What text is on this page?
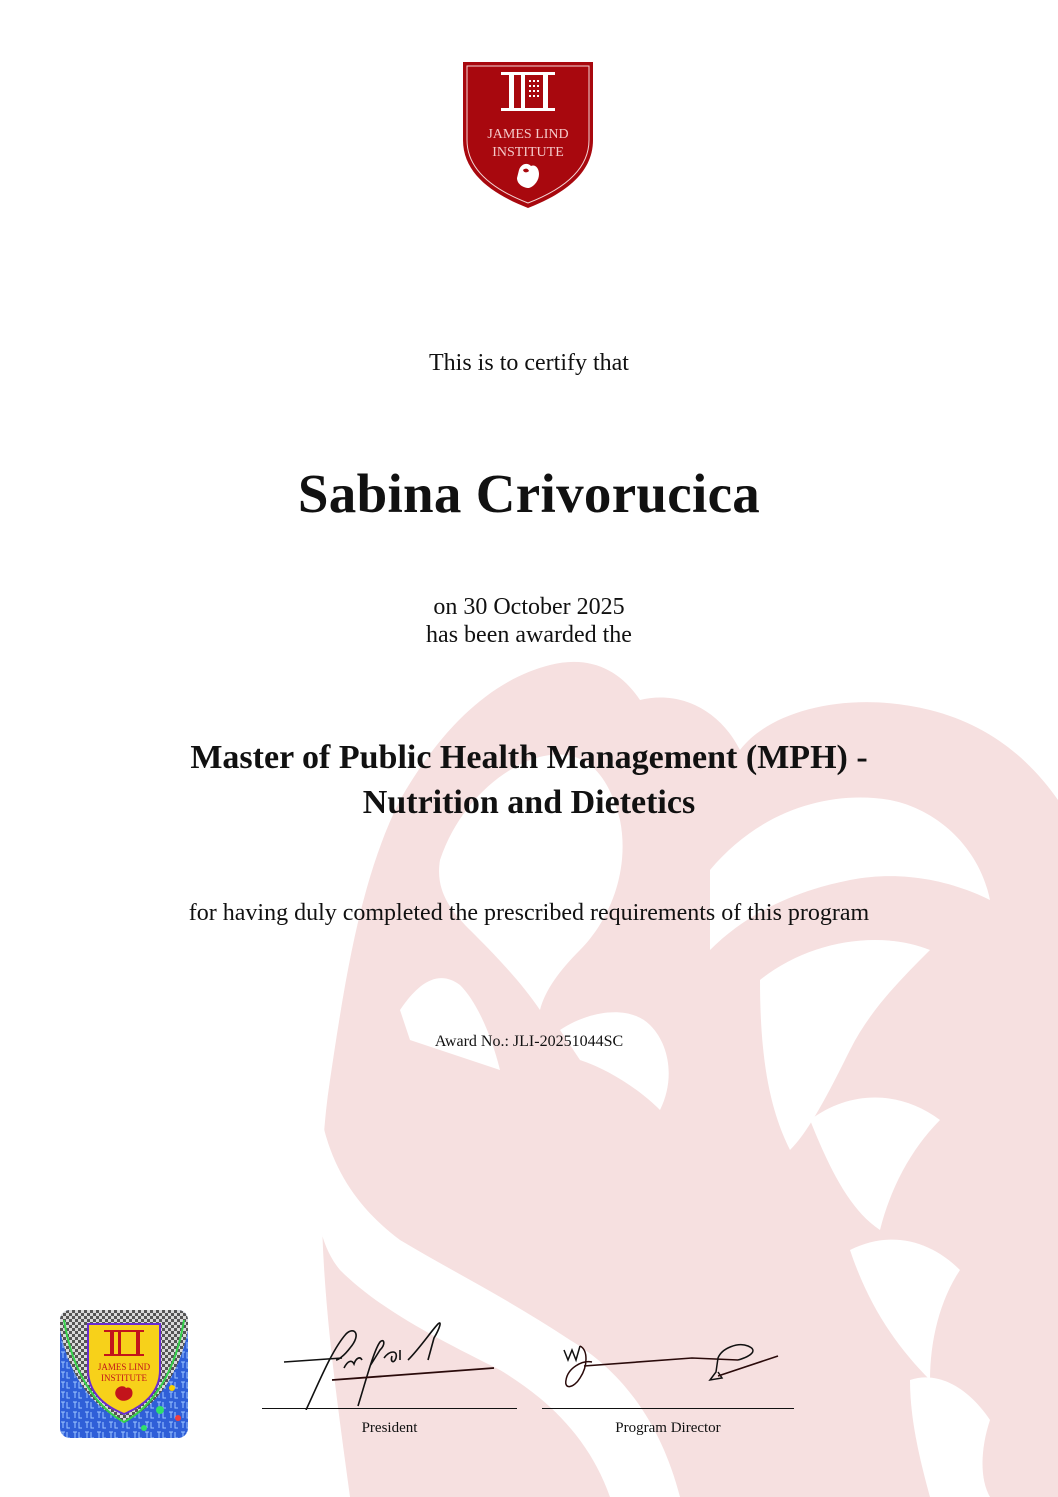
JAMES LIND
INSTITUTE
This is to certify that
Sabina Crivorucica
on 30 October 2025
has been awarded the
Master of Public Health Management (MPH) -
Nutrition and Dietetics
for having duly completed the prescribed requirements of this program
Award No.: JLI-20251044SC
JAMES LIND
INSTITUTE
President	Program Director
